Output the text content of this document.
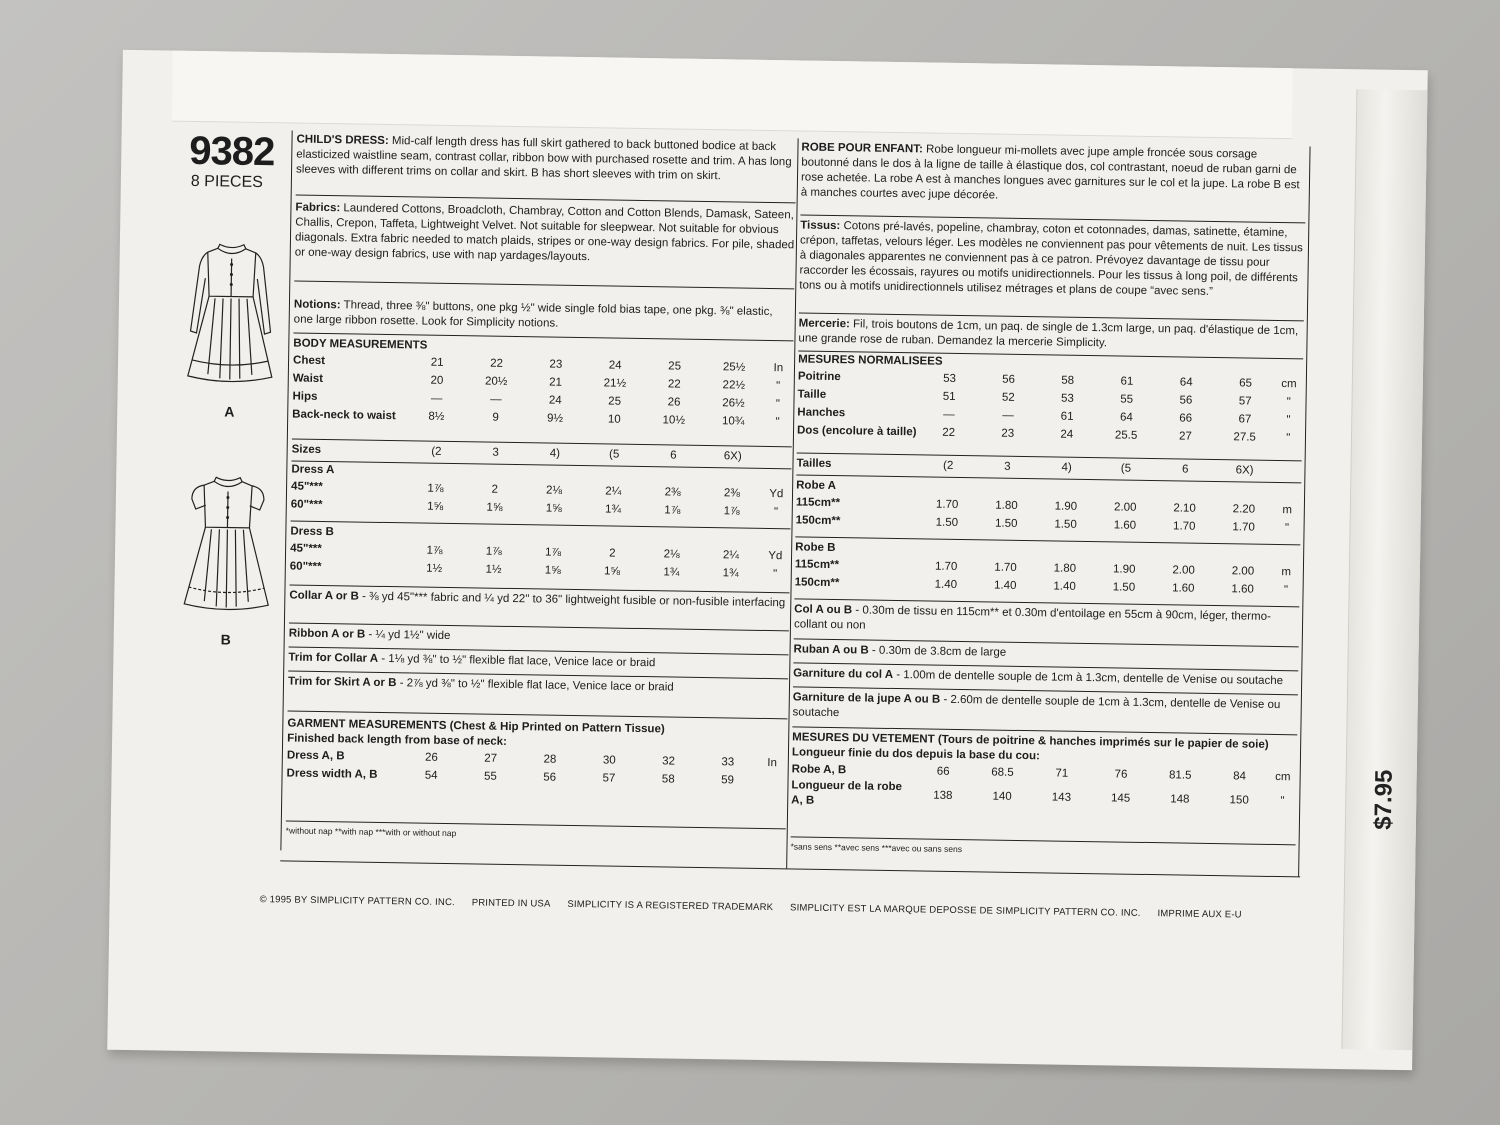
$7.95
9382
8 PIECES
A
B
CHILD'S DRESS: Mid-calf length dress has full skirt gathered to back buttoned bodice at back elasticized waistline seam, contrast collar, ribbon bow with purchased rosette and trim. A has long sleeves with different trims on collar and skirt. B has short sleeves with trim on skirt.
Fabrics: Laundered Cottons, Broadcloth, Chambray, Cotton and Cotton Blends, Damask, Sateen, Challis, Crepon, Taffeta, Lightweight Velvet. Not suitable for sleepwear. Not suitable for obvious diagonals. Extra fabric needed to match plaids, stripes or one-way design fabrics. For pile, shaded or one-way design fabrics, use with nap yardages/layouts.
Notions: Thread, three ⅜" buttons, one pkg ½" wide single fold bias tape, one pkg. ⅜" elastic, one large ribbon rosette. Look for Simplicity notions.
BODY MEASUREMENTS
Chest	21	22	23	24	25	25½	In
Waist	20	20½	21	21½	22	22½	"
Hips	—	—	24	25	26	26½	"
Back-neck to waist	8½	9	9½	10	10½	10¾	"
Sizes	(2	3	4)	(5	6	6X)	
Dress A
45"***	1⅞	2	2⅛	2¼	2⅜	2⅜	Yd
60"***	1⅝	1⅝	1⅝	1¾	1⅞	1⅞	"
Dress B
45"***	1⅞	1⅞	1⅞	2	2⅛	2¼	Yd
60"***	1½	1½	1⅝	1⅝	1¾	1¾	"
Collar A or B - ⅜ yd 45"*** fabric and ¼ yd 22" to 36" lightweight fusible or non-fusible interfacing
Ribbon A or B - ¼ yd 1½" wide
Trim for Collar A - 1⅛ yd ⅜" to ½" flexible flat lace, Venice lace or braid
Trim for Skirt A or B - 2⅞ yd ⅜" to ½" flexible flat lace, Venice lace or braid
GARMENT MEASUREMENTS (Chest & Hip Printed on Pattern Tissue)
Finished back length from base of neck:
Dress A, B	26	27	28	30	32	33	In
Dress width A, B	54	55	56	57	58	59	
*without nap **with nap ***with or without nap
ROBE POUR ENFANT: Robe longueur mi-mollets avec jupe ample froncée sous corsage boutonné dans le dos à la ligne de taille à élastique dos, col contrastant, noeud de ruban garni de rose achetée. La robe A est à manches longues avec garnitures sur le col et la jupe. La robe B est à manches courtes avec jupe décorée.
Tissus: Cotons pré-lavés, popeline, chambray, coton et cotonnades, damas, satinette, étamine, crépon, taffetas, velours léger. Les modèles ne conviennent pas pour vêtements de nuit. Les tissus à diagonales apparentes ne conviennent pas à ce patron. Prévoyez davantage de tissu pour raccorder les écossais, rayures ou motifs unidirectionnels. Pour les tissus à long poil, de différents tons ou à motifs unidirectionnels utilisez métrages et plans de coupe “avec sens.”
Mercerie: Fil, trois boutons de 1cm, un paq. de single de 1.3cm large, un paq. d'élastique de 1cm, une grande rose de ruban. Demandez la mercerie Simplicity.
MESURES NORMALISEES
Poitrine	53	56	58	61	64	65	cm
Taille	51	52	53	55	56	57	"
Hanches	—	—	61	64	66	67	"
Dos (encolure à taille)	22	23	24	25.5	27	27.5	"
Tailles	(2	3	4)	(5	6	6X)	
Robe A
115cm**	1.70	1.80	1.90	2.00	2.10	2.20	m
150cm**	1.50	1.50	1.50	1.60	1.70	1.70	"
Robe B
115cm**	1.70	1.70	1.80	1.90	2.00	2.00	m
150cm**	1.40	1.40	1.40	1.50	1.60	1.60	"
Col A ou B - 0.30m de tissu en 115cm** et 0.30m d'entoilage en 55cm à 90cm, léger, thermo-collant ou non
Ruban A ou B - 0.30m de 3.8cm de large
Garniture du col A - 1.00m de dentelle souple de 1cm à 1.3cm, dentelle de Venise ou soutache
Garniture de la jupe A ou B - 2.60m de dentelle souple de 1cm à 1.3cm, dentelle de Venise ou soutache
MESURES DU VETEMENT (Tours de poitrine & hanches imprimés sur le papier de soie)
Longueur finie du dos depuis la base du cou:
Robe A, B	66	68.5	71	76	81.5	84	cm
Longueur de la robe A, B	138	140	143	145	148	150	"
*sans sens **avec sens ***avec ou sans sens
© 1995 BY SIMPLICITY PATTERN CO. INC. PRINTED IN USA SIMPLICITY IS A REGISTERED TRADEMARK SIMPLICITY EST LA MARQUE DEPOSSE DE SIMPLICITY PATTERN CO. INC. IMPRIME AUX E-U
